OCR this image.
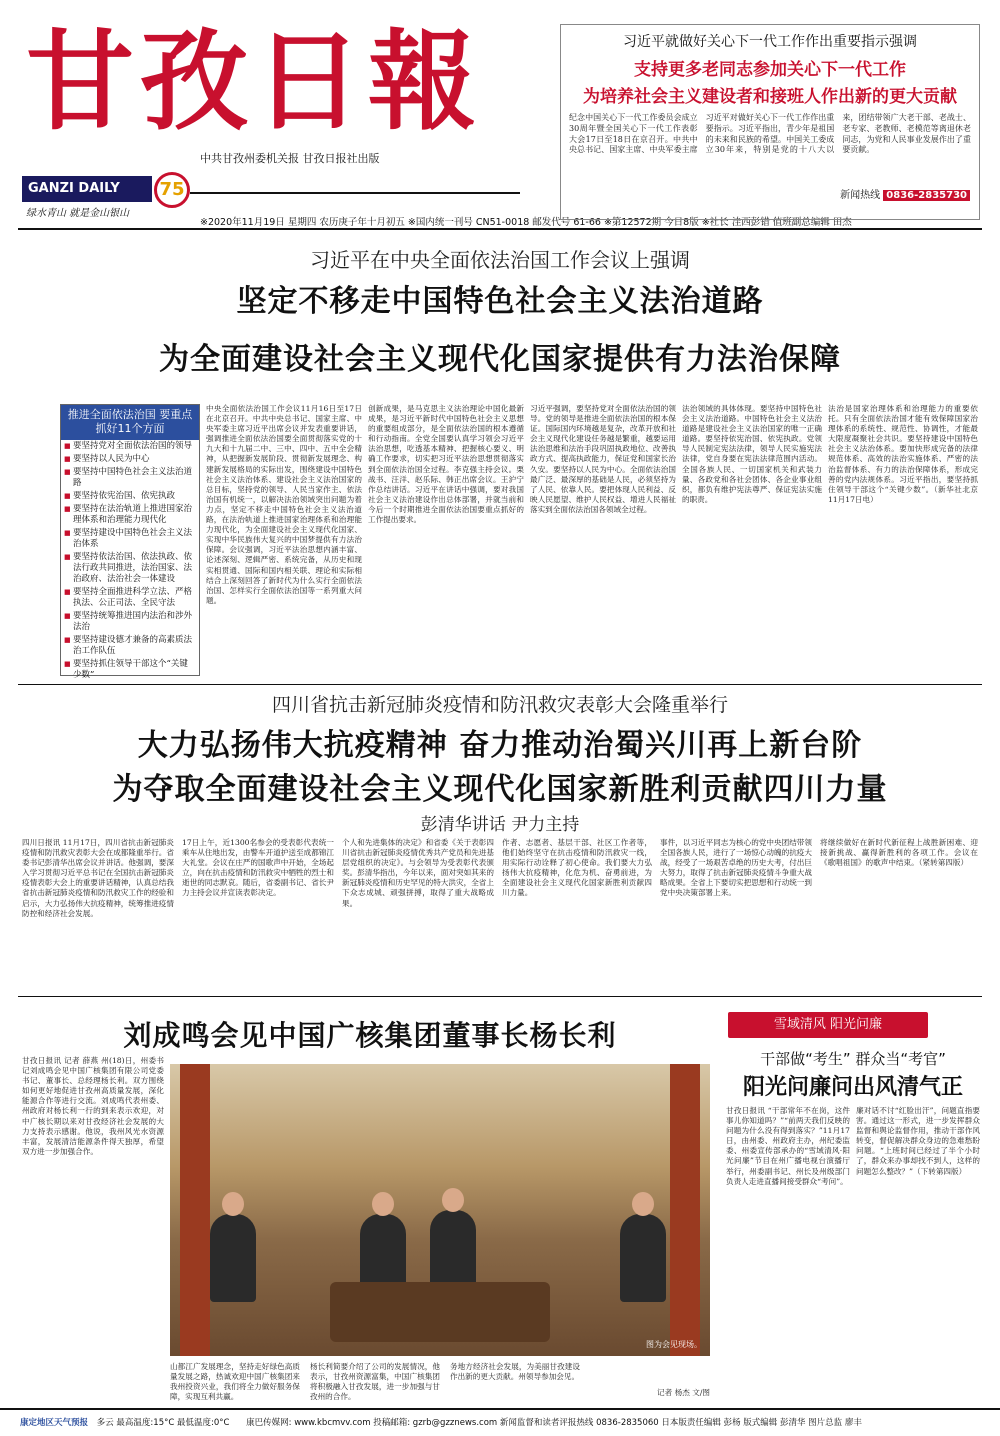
甘孜日報
中共甘孜州委机关报 甘孜日报社出版
GANZI DAILY	75
绿水青山 就是金山银山
新闻热线 0836-2835730
※2020年11月19日 星期四 农历庚子年十月初五 ※国内统一刊号 CN51-0018 邮发代号 61-66 ※第12572期 今日8版 ※社长 洼西彭错 值班副总编辑 田杰
习近平就做好关心下一代工作作出重要指示强调
支持更多老同志参加关心下一代工作
为培养社会主义建设者和接班人作出新的更大贡献
纪念中国关心下一代工作委员会成立30周年暨全国关心下一代工作表彰大会17日至18日在京召开。中共中央总书记、国家主席、中央军委主席习近平对做好关心下一代工作作出重要指示。习近平指出，青少年是祖国的未来和民族的希望。中国关工委成立30年来，特别是党的十八大以来，团结带领广大老干部、老战士、老专家、老教师、老模范等离退休老同志，为党和人民事业发展作出了重要贡献。
习近平在中央全面依法治国工作会议上强调
坚定不移走中国特色社会主义法治道路
为全面建设社会主义现代化国家提供有力法治保障
推进全面依法治国 要重点抓好11个方面
■ 要坚持党对全面依法治国的领导
■ 要坚持以人民为中心
■ 要坚持中国特色社会主义法治道路
■ 要坚持依宪治国、依宪执政
■ 要坚持在法治轨道上推进国家治理体系和治理能力现代化
■ 要坚持建设中国特色社会主义法治体系
■ 要坚持依法治国、依法执政、依法行政共同推进，法治国家、法治政府、法治社会一体建设
■ 要坚持全面推进科学立法、严格执法、公正司法、全民守法
■ 要坚持统筹推进国内法治和涉外法治
■ 要坚持建设德才兼备的高素质法治工作队伍
■ 要坚持抓住领导干部这个“关键少数”
中央全面依法治国工作会议11月16日至17日在北京召开。中共中央总书记、国家主席、中央军委主席习近平出席会议并发表重要讲话，强调推进全面依法治国要全面贯彻落实党的十九大和十九届二中、三中、四中、五中全会精神，从把握新发展阶段、贯彻新发展理念、构建新发展格局的实际出发，围绕建设中国特色社会主义法治体系、建设社会主义法治国家的总目标，坚持党的领导、人民当家作主、依法治国有机统一，以解决法治领域突出问题为着力点，坚定不移走中国特色社会主义法治道路，在法治轨道上推进国家治理体系和治理能力现代化，为全面建设社会主义现代化国家、实现中华民族伟大复兴的中国梦提供有力法治保障。会议强调，习近平法治思想内涵丰富、论述深刻、逻辑严密、系统完备，从历史和现实相贯通、国际和国内相关联、理论和实际相结合上深刻回答了新时代为什么实行全面依法治国、怎样实行全面依法治国等一系列重大问题。
创新成果，是马克思主义法治理论中国化最新成果，是习近平新时代中国特色社会主义思想的重要组成部分，是全面依法治国的根本遵循和行动指南。全党全国要认真学习领会习近平法治思想，吃透基本精神、把握核心要义、明确工作要求，切实把习近平法治思想贯彻落实到全面依法治国全过程。李克强主持会议。栗战书、汪洋、赵乐际、韩正出席会议。王沪宁作总结讲话。习近平在讲话中强调，要对我国社会主义法治建设作出总体部署，并就当前和今后一个时期推进全面依法治国要重点抓好的工作提出要求。
习近平强调，要坚持党对全面依法治国的领导。党的领导是推进全面依法治国的根本保证。国际国内环境越是复杂，改革开放和社会主义现代化建设任务越是繁重，越要运用法治思维和法治手段巩固执政地位、改善执政方式、提高执政能力，保证党和国家长治久安。要坚持以人民为中心。全面依法治国最广泛、最深厚的基础是人民，必须坚持为了人民、依靠人民。要把体现人民利益、反映人民愿望、维护人民权益、增进人民福祉落实到全面依法治国各领域全过程。
法治领域的具体体现。要坚持中国特色社会主义法治道路。中国特色社会主义法治道路是建设社会主义法治国家的唯一正确道路。要坚持依宪治国、依宪执政。党领导人民制定宪法法律，领导人民实施宪法法律，党自身要在宪法法律范围内活动。全国各族人民、一切国家机关和武装力量、各政党和各社会团体、各企业事业组织，都负有维护宪法尊严、保证宪法实施的职责。
法治是国家治理体系和治理能力的重要依托。只有全面依法治国才能有效保障国家治理体系的系统性、规范性、协调性，才能最大限度凝聚社会共识。要坚持建设中国特色社会主义法治体系。要加快形成完备的法律规范体系、高效的法治实施体系、严密的法治监督体系、有力的法治保障体系，形成完善的党内法规体系。习近平指出，要坚持抓住领导干部这个“关键少数”。（新华社北京11月17日电）
四川省抗击新冠肺炎疫情和防汛救灾表彰大会隆重举行
大力弘扬伟大抗疫精神 奋力推动治蜀兴川再上新台阶
为夺取全面建设社会主义现代化国家新胜利贡献四川力量
彭清华讲话 尹力主持
四川日报讯 11月17日，四川省抗击新冠肺炎疫情和防汛救灾表彰大会在成都隆重举行。省委书记彭清华出席会议并讲话。他强调，要深入学习贯彻习近平总书记在全国抗击新冠肺炎疫情表彰大会上的重要讲话精神，认真总结我省抗击新冠肺炎疫情和防汛救灾工作的经验和启示，大力弘扬伟大抗疫精神，统筹推进疫情防控和经济社会发展。
17日上午，近1300名参会的受表彰代表统一乘车从住地出发，由警车开道护送至成都锦江大礼堂。会议在庄严的国歌声中开始，全场起立，向在抗击疫情和防汛救灾中牺牲的烈士和逝世的同志默哀。随后，省委副书记、省长尹力主持会议并宣读表彰决定。
个人和先进集体的决定》和省委《关于表彰四川省抗击新冠肺炎疫情优秀共产党员和先进基层党组织的决定》。与会领导为受表彰代表颁奖。彭清华指出，今年以来，面对突如其来的新冠肺炎疫情和历史罕见的特大洪灾，全省上下众志成城、顽强拼搏，取得了重大战略成果。
作者、志愿者、基层干部、社区工作者等，他们始终坚守在抗击疫情和防汛救灾一线，用实际行动诠释了初心使命。我们要大力弘扬伟大抗疫精神，化危为机、奋勇前进，为全面建设社会主义现代化国家新胜利贡献四川力量。
事件，以习近平同志为核心的党中央团结带领全国各族人民，进行了一场惊心动魄的抗疫大战，经受了一场艰苦卓绝的历史大考，付出巨大努力，取得了抗击新冠肺炎疫情斗争重大战略成果。全省上下要切实把思想和行动统一到党中央决策部署上来。
将继续做好在新时代新征程上战胜新困难、迎接新挑战、赢得新胜利的各项工作。会议在《歌唱祖国》的歌声中结束。（紧转第四版）
刘成鸣会见中国广核集团董事长杨长利
甘孜日报讯 记者 薛燕 州(18)日，州委书记刘成鸣会见中国广核集团有限公司党委书记、董事长、总经理杨长利。双方围绕如何更好地促进甘孜州高质量发展，深化能源合作等进行交流。刘成鸣代表州委、州政府对杨长利一行的到来表示欢迎，对中广核长期以来对甘孜经济社会发展的大力支持表示感谢。他说，我州风光水资源丰富，发展清洁能源条件得天独厚，希望双方进一步加强合作。
图为会见现场。
山都江广发展理念，坚持走好绿色高质量发展之路，热诚欢迎中国广核集团来我州投资兴业，我们将全力做好服务保障，实现互利共赢。
杨长利简要介绍了公司的发展情况，他表示，甘孜州资源富集，中国广核集团将积极融入甘孜发展，进一步加强与甘孜州的合作。
务地方经济社会发展，为美丽甘孜建设作出新的更大贡献。州领导参加会见。
记者 杨杰 文/图
雪域清风 阳光问廉
干部做“考生” 群众当“考官”
阳光问廉问出风清气正
甘孜日报讯 “干部常年不在岗，这件事儿你知道吗？”“前两天我们反映的问题为什么没有得到落实？”11月17日，由州委、州政府主办，州纪委监委、州委宣传部承办的“雪域清风·阳光问廉”节目在州广播电视台演播厅举行，州委副书记、州长及州级部门负责人走进直播间接受群众“考问”。
廉对话不讨“红脸出汗”，问题直指要害。通过这一形式，进一步发挥群众监督和舆论监督作用，推动干部作风转变，督促解决群众身边的急难愁盼问题。“上班时间已经过了半个小时了，群众来办事却找不到人，这样的问题怎么整改？”（下转第四版）
康定地区天气预报 多云 最高温度:15°C 最低温度:0°C 康巴传媒网: www.kbcmvv.com 投稿邮箱: gzrb@gzznews.com 新闻监督和读者评报热线 0836-2835060 日本版责任编辑 彭杨 版式编辑 彭清华 图片总监 廖丰
